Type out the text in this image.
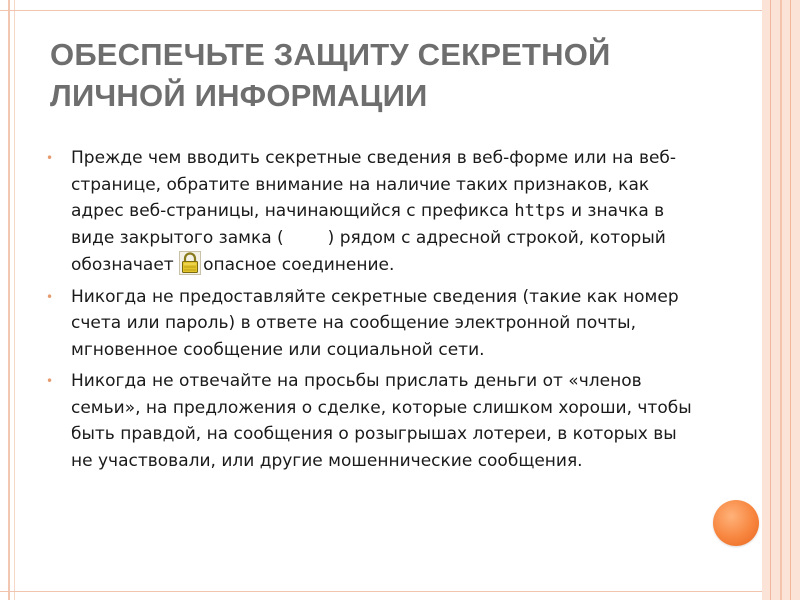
ОБЕСПЕЧЬТЕ ЗАЩИТУ СЕКРЕТНОЙ
ЛИЧНОЙ ИНФОРМАЦИИ
• Прежде чем вводить секретные сведения в веб-форме или на веб-странице, обратите внимание на наличие таких признаков, как адрес веб-страницы, начинающийся с префикса https и значка в виде закрытого замка (	) рядом с адресной строкой, который обозначает
опасное соединение.
• Никогда не предоставляйте секретные сведения (такие как номер счета или пароль) в ответе на сообщение электронной почты, мгновенное сообщение или социальной сети.
• Никогда не отвечайте на просьбы прислать деньги от «членов семьи», на предложения о сделке, которые слишком хороши, чтобы быть правдой, на сообщения о розыгрышах лотереи, в которых вы не участвовали, или другие мошеннические сообщения.
